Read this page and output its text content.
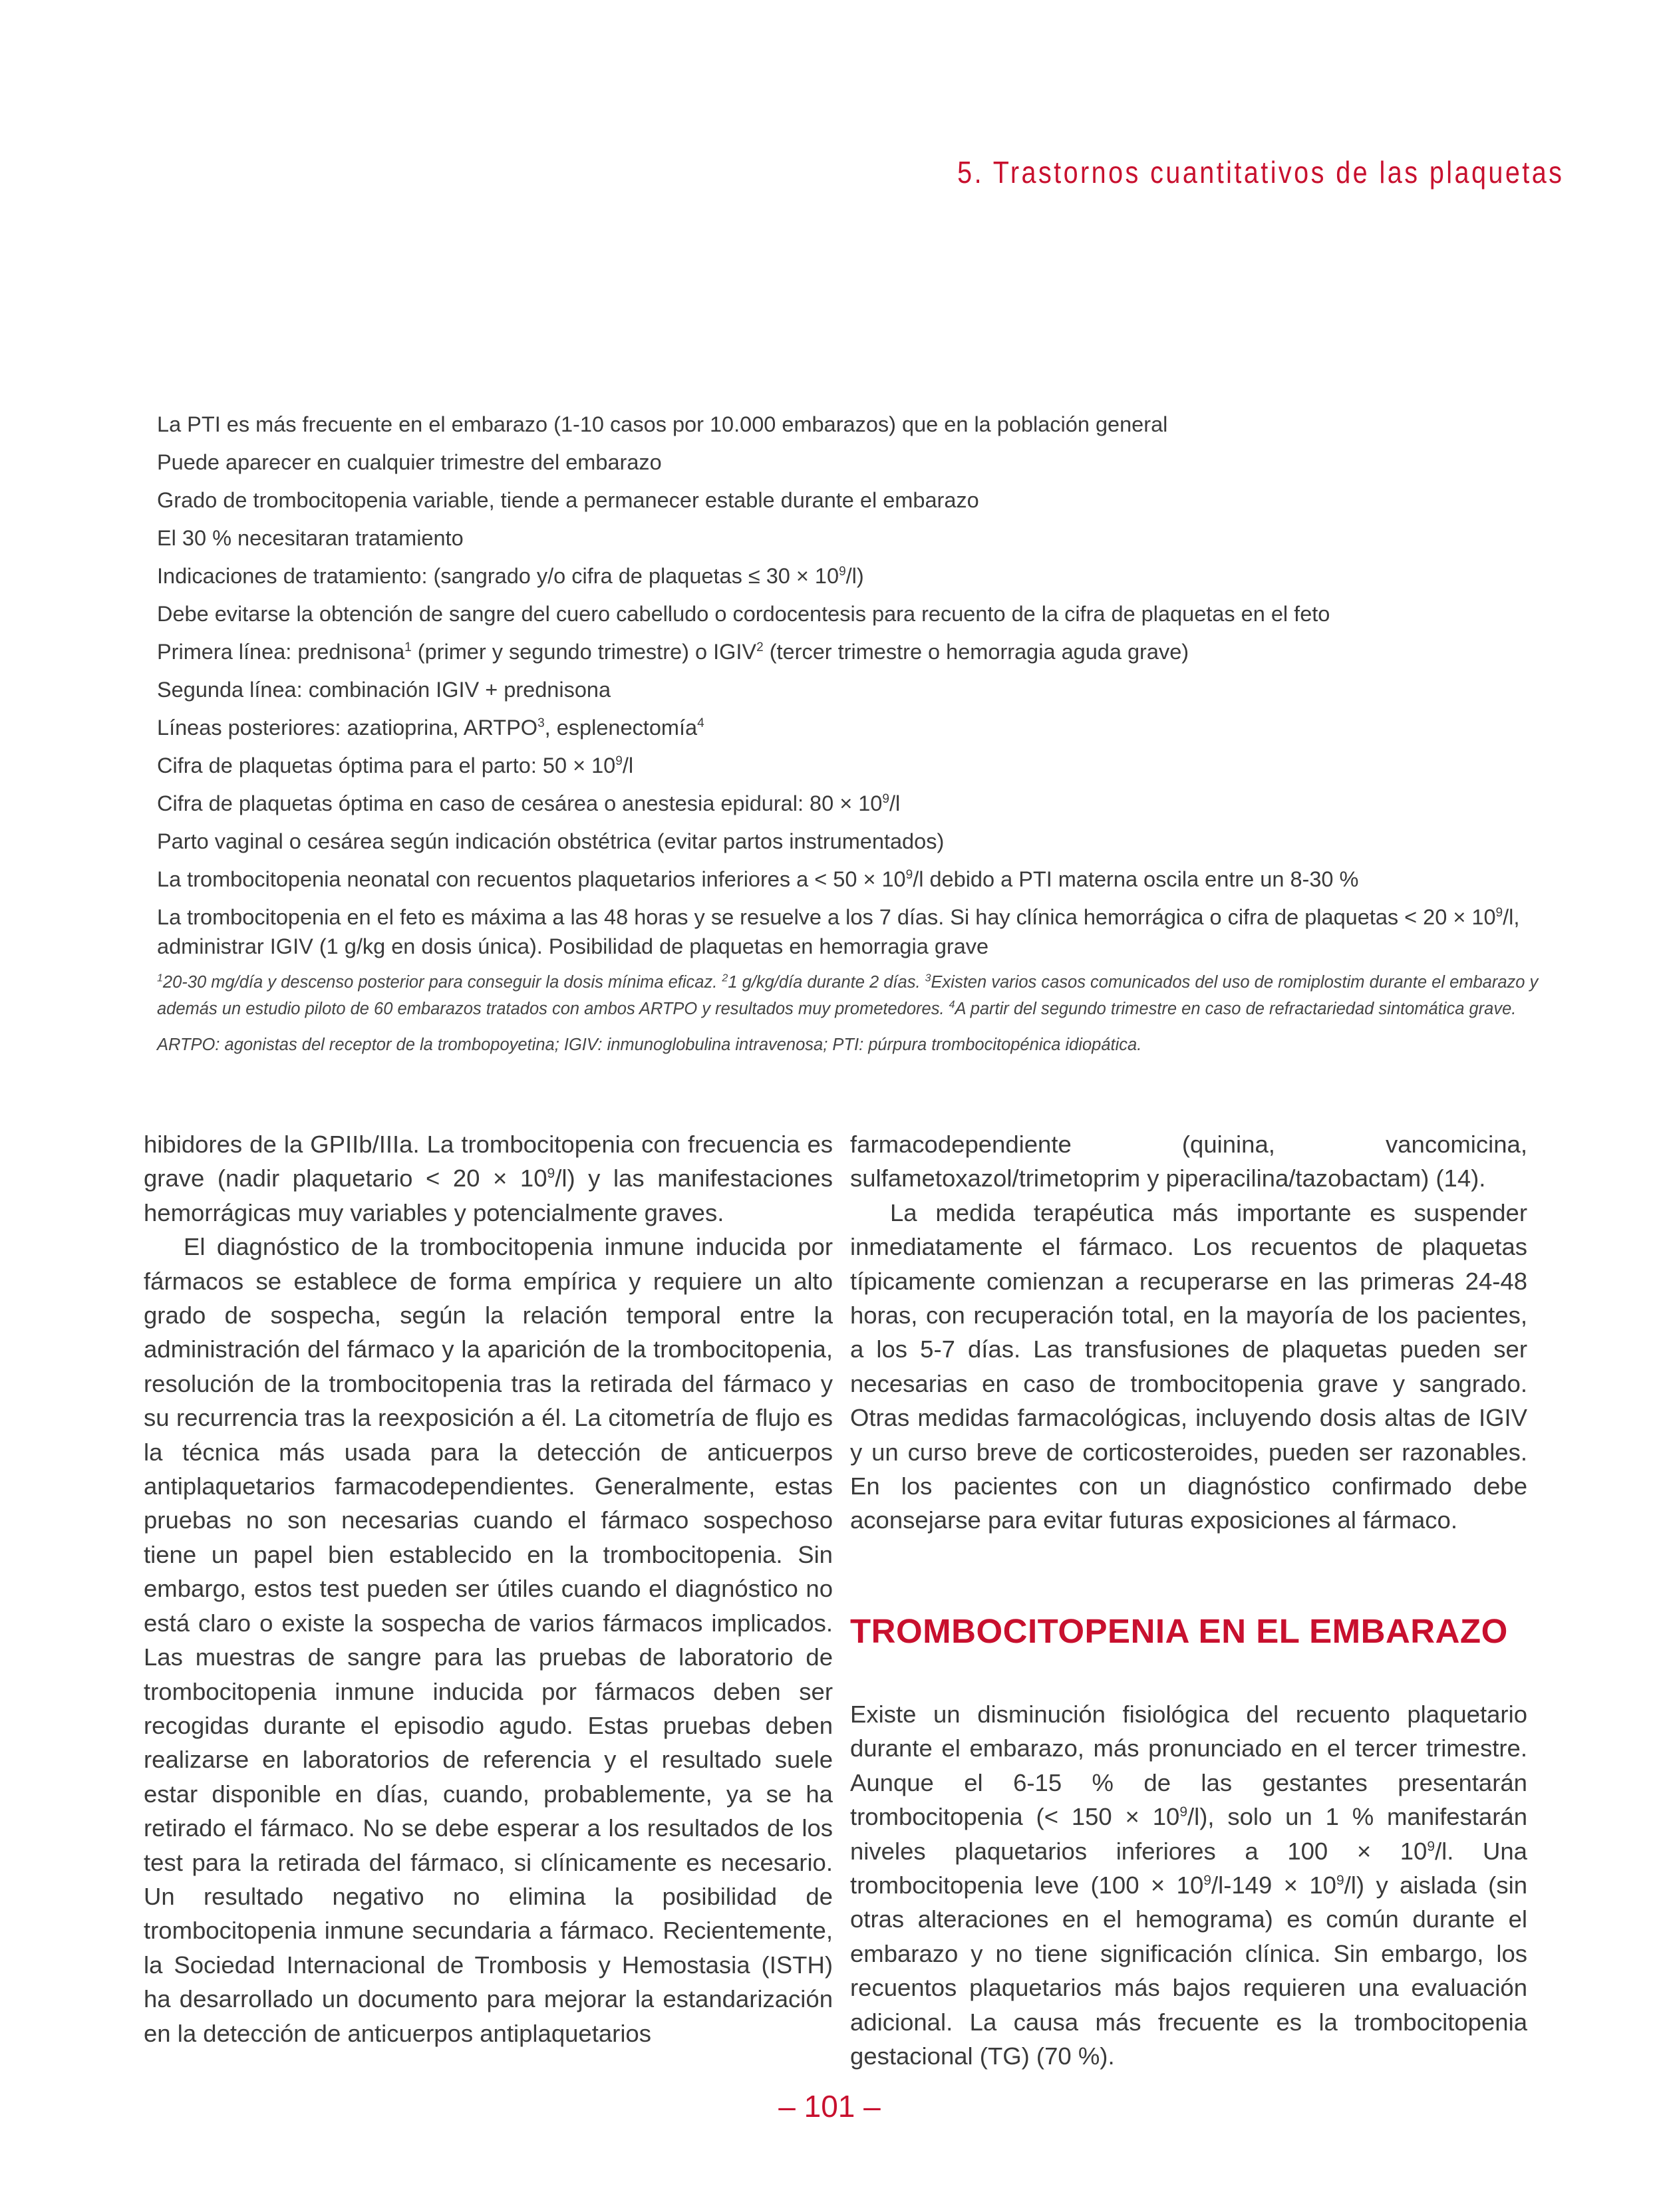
5. Trastornos cuantitativos de las plaquetas
La PTI es más frecuente en el embarazo (1-10 casos por 10.000 embarazos) que en la población general
Puede aparecer en cualquier trimestre del embarazo
Grado de trombocitopenia variable, tiende a permanecer estable durante el embarazo
El 30 % necesitaran tratamiento
Indicaciones de tratamiento: (sangrado y/o cifra de plaquetas ≤ $30 \times 10^9/l$)
Debe evitarse la obtención de sangre del cuero cabelludo o cordocentesis para recuento de la cifra de plaquetas en el feto
Primera línea: prednisona$^1$ (primer y segundo trimestre) o IGIV$^2$ (tercer trimestre o hemorragia aguda grave)
Segunda línea: combinación IGIV + prednisona
Líneas posteriores: azatioprina, ARTPO$^3$, esplenectomía$^4$
Cifra de plaquetas óptima para el parto: $50 \times 10^9/l$
Cifra de plaquetas óptima en caso de cesárea o anestesia epidural: $80 \times 10^9/l$
Parto vaginal o cesárea según indicación obstétrica (evitar partos instrumentados)
La trombocitopenia neonatal con recuentos plaquetarios inferiores $a < 50 \times 10^9/l$ debido a PTI materna oscila entre un 8-30 %
La trombocitopenia en el feto es máxima a las 48 horas y se resuelve a los 7 días. Si hay clínica hemorrágica o cifra de plaquetas < $20 \times 10^9/l$, administrar IGIV (1 g/kg en dosis única). Posibilidad de plaquetas en hemorragia grave
$^1$20-30 mg/día y descenso posterior para conseguir la dosis mínima eficaz. $^2$1 g/kg/día durante 2 días. $^3$Existen varios casos comunicados del uso de romiplostim durante el embarazo y además un estudio piloto de 60 embarazos tratados con ambos ARTPO y resultados muy prometedores. $^4$A partir del segundo trimestre en caso de refractariedad sintomática grave.
ARTPO: agonistas del receptor de la trombopoyetina; IGIV: inmunoglobulina intravenosa; PTI: púrpura trombocitopénica idiopática.

hibidores de la GPIIb/IIIa. La trombocitopenia con frecuencia es grave (nadir plaquetario < $20 \times 10^9/l$) y las manifestaciones hemorrágicas muy variables y potencialmente graves.

El diagnóstico de la trombocitopenia inmune inducida por fármacos se establece de forma empírica y requiere un alto grado de sospecha, según la relación temporal entre la administración del fármaco y la aparición de la trombocitopenia, resolución de la trombocitopenia tras la retirada del fármaco y su recurrencia tras la reexposición a él. La citometría de flujo es la técnica más usada para la detección de anticuerpos antiplaquetarios farmacodependientes. Generalmente, estas pruebas no son necesarias cuando el fármaco sospechoso tiene un papel bien establecido en la trombocitopenia. Sin embargo, estos test pueden ser útiles cuando el diagnóstico no está claro o existe la sospecha de varios fármacos implicados. Las muestras de sangre para las pruebas de laboratorio de trombocitopenia inmune inducida por fármacos deben ser recogidas durante el episodio agudo. Estas pruebas deben realizarse en laboratorios de referencia y el resultado suele estar disponible en días, cuando, probablemente, ya se ha retirado el fármaco. No se debe esperar a los resultados de los test para la retirada del fármaco, si clínicamente es necesario. Un resultado negativo no elimina la posibilidad de trombocitopenia inmune secundaria a fármaco. Recientemente, la Sociedad Internacional de Trombosis y Hemostasia (ISTH) ha desarrollado un documento para mejorar la estandarización en la detección de anticuerpos antiplaquetarios

farmacodependiente (quinina, vancomicina, sulfametoxazol/trimetoprim y piperacilina/tazobactam) (14).

La medida terapéutica más importante es suspender inmediatamente el fármaco. Los recuentos de plaquetas típicamente comienzan a recuperarse en las primeras 24-48 horas, con recuperación total, en la mayoría de los pacientes, a los 5-7 días. Las transfusiones de plaquetas pueden ser necesarias en caso de trombocitopenia grave y sangrado. Otras medidas farmacológicas, incluyendo dosis altas de IGIV y un curso breve de corticosteroides, pueden ser razonables. En los pacientes con un diagnóstico confirmado debe aconsejarse para evitar futuras exposiciones al fármaco.

TROMBOCITOPENIA EN EL EMBARAZO

Existe un disminución fisiológica del recuento plaquetario durante el embarazo, más pronunciado en el tercer trimestre. Aunque el 6-15 % de las gestantes presentarán trombocitopenia (< $150 \times 10^9/l$), solo un 1 % manifestarán niveles plaquetarios inferiores a $100 \times 10^9/l$. Una trombocitopenia leve $(100 \times 10^9/l-149 \times 10^9/l)$ y aislada (sin otras alteraciones en el hemograma) es común durante el embarazo y no tiene significación clínica. Sin embargo, los recuentos plaquetarios más bajos requieren una evaluación adicional. La causa más frecuente es la trombocitopenia gestacional (TG) (70 %).

– 101 –
